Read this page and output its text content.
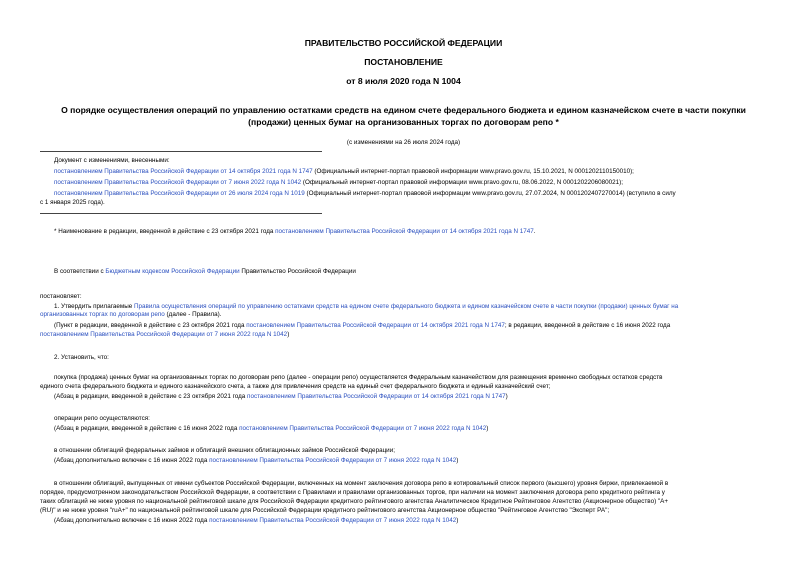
ПРАВИТЕЛЬСТВО РОССИЙСКОЙ ФЕДЕРАЦИИ
ПОСТАНОВЛЕНИЕ
от 8 июля 2020 года N 1004
О порядке осуществления операций по управлению остатками средств на едином счете федерального бюджета и едином казначейском счете в части покупки (продажи) ценных бумаг на организованных торгах по договорам репо *
(с изменениями на 26 июля 2024 года)
Документ с изменениями, внесенными:
постановлением Правительства Российской Федерации от 14 октября 2021 года N 1747 (Официальный интернет-портал правовой информации www.pravo.gov.ru, 15.10.2021, N 0001202110150010);
постановлением Правительства Российской Федерации от 7 июня 2022 года N 1042 (Официальный интернет-портал правовой информации www.pravo.gov.ru, 08.06.2022, N 0001202206080021);
постановлением Правительства Российской Федерации от 26 июля 2024 года N 1019 (Официальный интернет-портал правовой информации www.pravo.gov.ru, 27.07.2024, N 0001202407270014) (вступило в силу
с 1 января 2025 года).
* Наименование в редакции, введенной в действие с 23 октября 2021 года постановлением Правительства Российской Федерации от 14 октября 2021 года N 1747.
В соответствии с Бюджетным кодексом Российской Федерации Правительство Российской Федерации
постановляет:
1. Утвердить прилагаемые Правила осуществления операций по управлению остатками средств на едином счете федерального бюджета и едином казначейском счете в части покупки (продажи) ценных бумаг на
организованных торгах по договорам репо (далее - Правила).
(Пункт в редакции, введенной в действие с 23 октября 2021 года постановлением Правительства Российской Федерации от 14 октября 2021 года N 1747; в редакции, введенной в действие с 16 июня 2022 года
постановлением Правительства Российской Федерации от 7 июня 2022 года N 1042)
2. Установить, что:
покупка (продажа) ценных бумаг на организованных торгах по договорам репо (далее - операции репо) осуществляется Федеральным казначейством для размещения временно свободных остатков средств
единого счета федерального бюджета и единого казначейского счета, а также для привлечения средств на единый счет федерального бюджета и единый казначейский счет;
(Абзац в редакции, введенной в действие с 23 октября 2021 года постановлением Правительства Российской Федерации от 14 октября 2021 года N 1747)
операции репо осуществляются:
(Абзац в редакции, введенной в действие с 16 июня 2022 года постановлением Правительства Российской Федерации от 7 июня 2022 года N 1042)
в отношении облигаций федеральных займов и облигаций внешних облигационных займов Российской Федерации;
(Абзац дополнительно включен с 16 июня 2022 года постановлением Правительства Российской Федерации от 7 июня 2022 года N 1042)
в отношении облигаций, выпущенных от имени субъектов Российской Федерации, включенных на момент заключения договора репо в котировальный список первого (высшего) уровня биржи, привлекаемой в
порядке, предусмотренном законодательством Российской Федерации, в соответствии с Правилами и правилами организованных торгов, при наличии на момент заключения договора репо кредитного рейтинга у
таких облигаций не ниже уровня по национальной рейтинговой шкале для Российской Федерации кредитного рейтингового агентства Аналитическое Кредитное Рейтинговое Агентство (Акционерное общество) "А+
(RU)" и не ниже уровня "ruA+" по национальной рейтинговой шкале для Российской Федерации кредитного рейтингового агентства Акционерное общество "Рейтинговое Агентство "Эксперт РА";
(Абзац дополнительно включен с 16 июня 2022 года постановлением Правительства Российской Федерации от 7 июня 2022 года N 1042)
